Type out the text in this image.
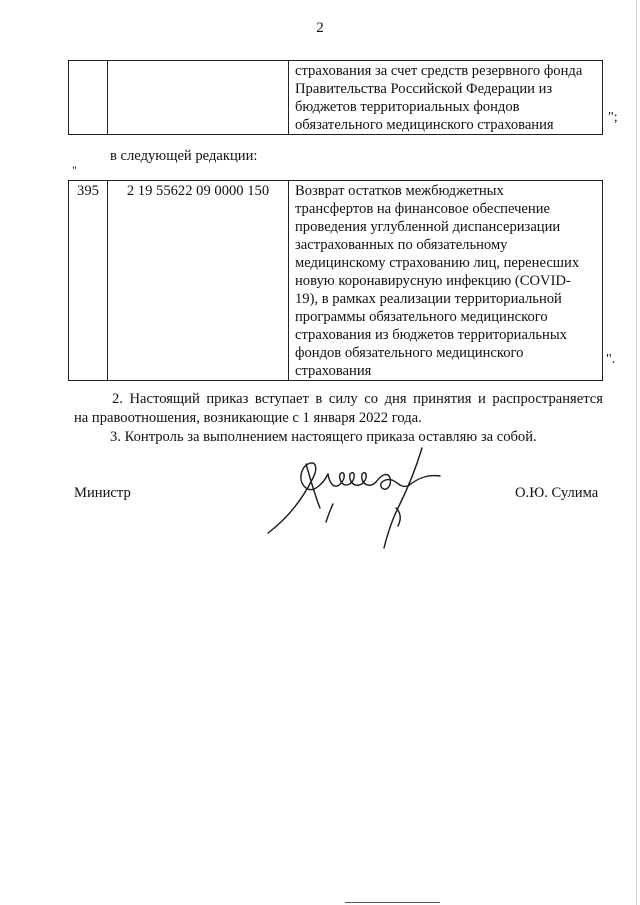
2

страхования за счет средств резервного фонда
Правительства Российской Федерации из
бюджетов территориальных фондов
обязательного медицинского страхования	";
в следующей редакции:
"
395	2 19 55622 09 0000 150	Возврат остатков межбюджетных
трансфертов на финансовое обеспечение
проведения углубленной диспансеризации
застрахованных по обязательному
медицинскому страхованию лиц, перенесших
новую коронавирусную инфекцию (COVID-
19), в рамках реализации территориальной
программы обязательного медицинского
страхования из бюджетов территориальных
фондов обязательного медицинского
страхования
".
2. Настоящий приказ вступает в силу со дня принятия и распространяется
на правоотношения, возникающие с 1 января 2022 года.
3. Контроль за выполнением настоящего приказа оставляю за собой.
Министр	О.Ю. Сулима
